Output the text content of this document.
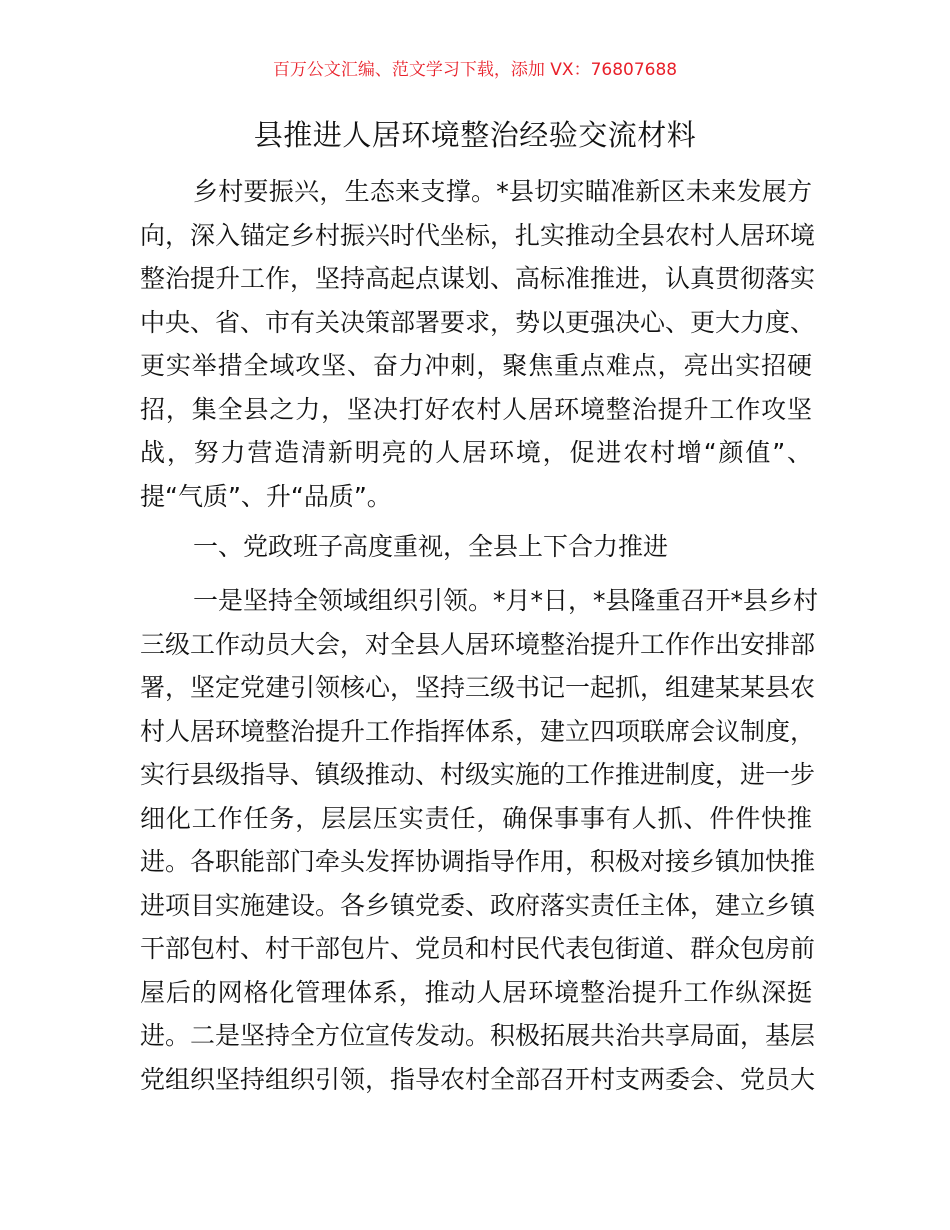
百万公文汇编、范文学习下载，添加 VX：76807688
县推进人居环境整治经验交流材料
乡村要振兴，生态来支撑。*县切实瞄准新区未来发展方
向，深入锚定乡村振兴时代坐标，扎实推动全县农村人居环境
整治提升工作，坚持高起点谋划、高标准推进，认真贯彻落实
中央、省、市有关决策部署要求，势以更强决心、更大力度、
更实举措全域攻坚、奋力冲刺，聚焦重点难点，亮出实招硬
招，集全县之力，坚决打好农村人居环境整治提升工作攻坚
战，努力营造清新明亮的人居环境，促进农村增“颜值”、
提“气质”、升“品质”。
一、党政班子高度重视，全县上下合力推进
一是坚持全领域组织引领。*月*日，*县隆重召开*县乡村
三级工作动员大会，对全县人居环境整治提升工作作出安排部
署，坚定党建引领核心，坚持三级书记一起抓，组建某某县农
村人居环境整治提升工作指挥体系，建立四项联席会议制度，
实行县级指导、镇级推动、村级实施的工作推进制度，进一步
细化工作任务，层层压实责任，确保事事有人抓、件件快推
进。各职能部门牵头发挥协调指导作用，积极对接乡镇加快推
进项目实施建设。各乡镇党委、政府落实责任主体，建立乡镇
干部包村、村干部包片、党员和村民代表包街道、群众包房前
屋后的网格化管理体系，推动人居环境整治提升工作纵深挺
进。二是坚持全方位宣传发动。积极拓展共治共享局面，基层
党组织坚持组织引领，指导农村全部召开村支两委会、党员大
